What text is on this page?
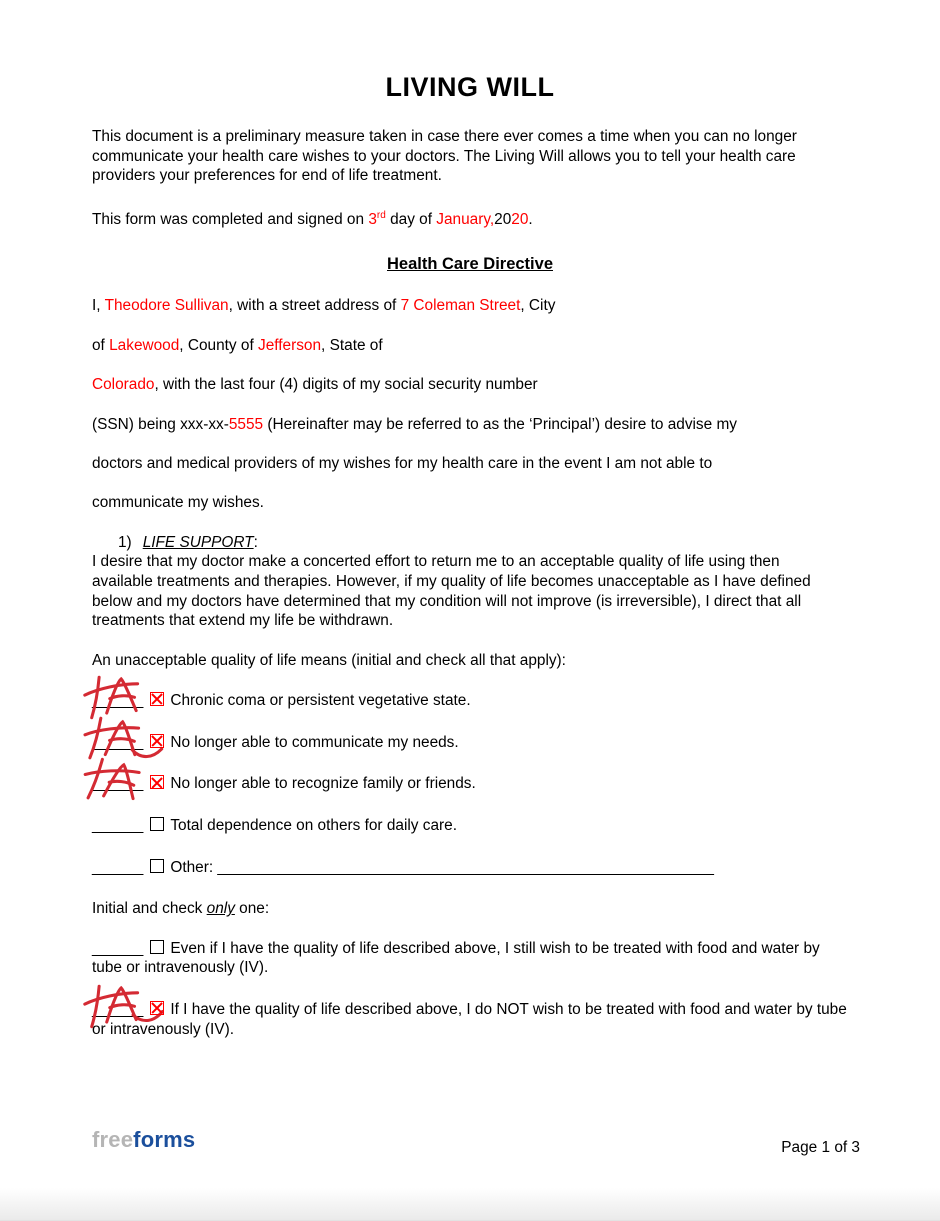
LIVING WILL

This document is a preliminary measure taken in case there ever comes a time when you can no longer communicate your health care wishes to your doctors. The Living Will allows you to tell your health care providers your preferences for end of life treatment.

This form was completed and signed on 3rd day of January,2020.

Health Care Directive
I, Theodore Sullivan, with a street address of 7 Coleman Street, City
of Lakewood, County of Jefferson, State of
Colorado, with the last four (4) digits of my social security number
(SSN) being xxx-xx-5555 (Hereinafter may be referred to as the ‘Principal’) desire to advise my
doctors and medical providers of my wishes for my health care in the event I am not able to
communicate my wishes.
1) LIFE SUPPORT:

I desire that my doctor make a concerted effort to return me to an acceptable quality of life using then available treatments and therapies. However, if my quality of life becomes unacceptable as I have defined below and my doctors have determined that my condition will not improve (is irreversible), I direct that all treatments that extend my life be withdrawn.

An unacceptable quality of life means (initial and check all that apply):

______ Chronic coma or persistent vegetative state.
______ No longer able to communicate my needs.
______ No longer able to recognize family or friends.
______ Total dependence on others for daily care.
______ Other: __________________________________________________________

Initial and check only one:

______ Even if I have the quality of life described above, I still wish to be treated with food and water by tube or intravenously (IV).
______ If I have the quality of life described above, I do NOT wish to be treated with food and water by tube or intravenously (IV).
freeforms	Page 1 of 3
